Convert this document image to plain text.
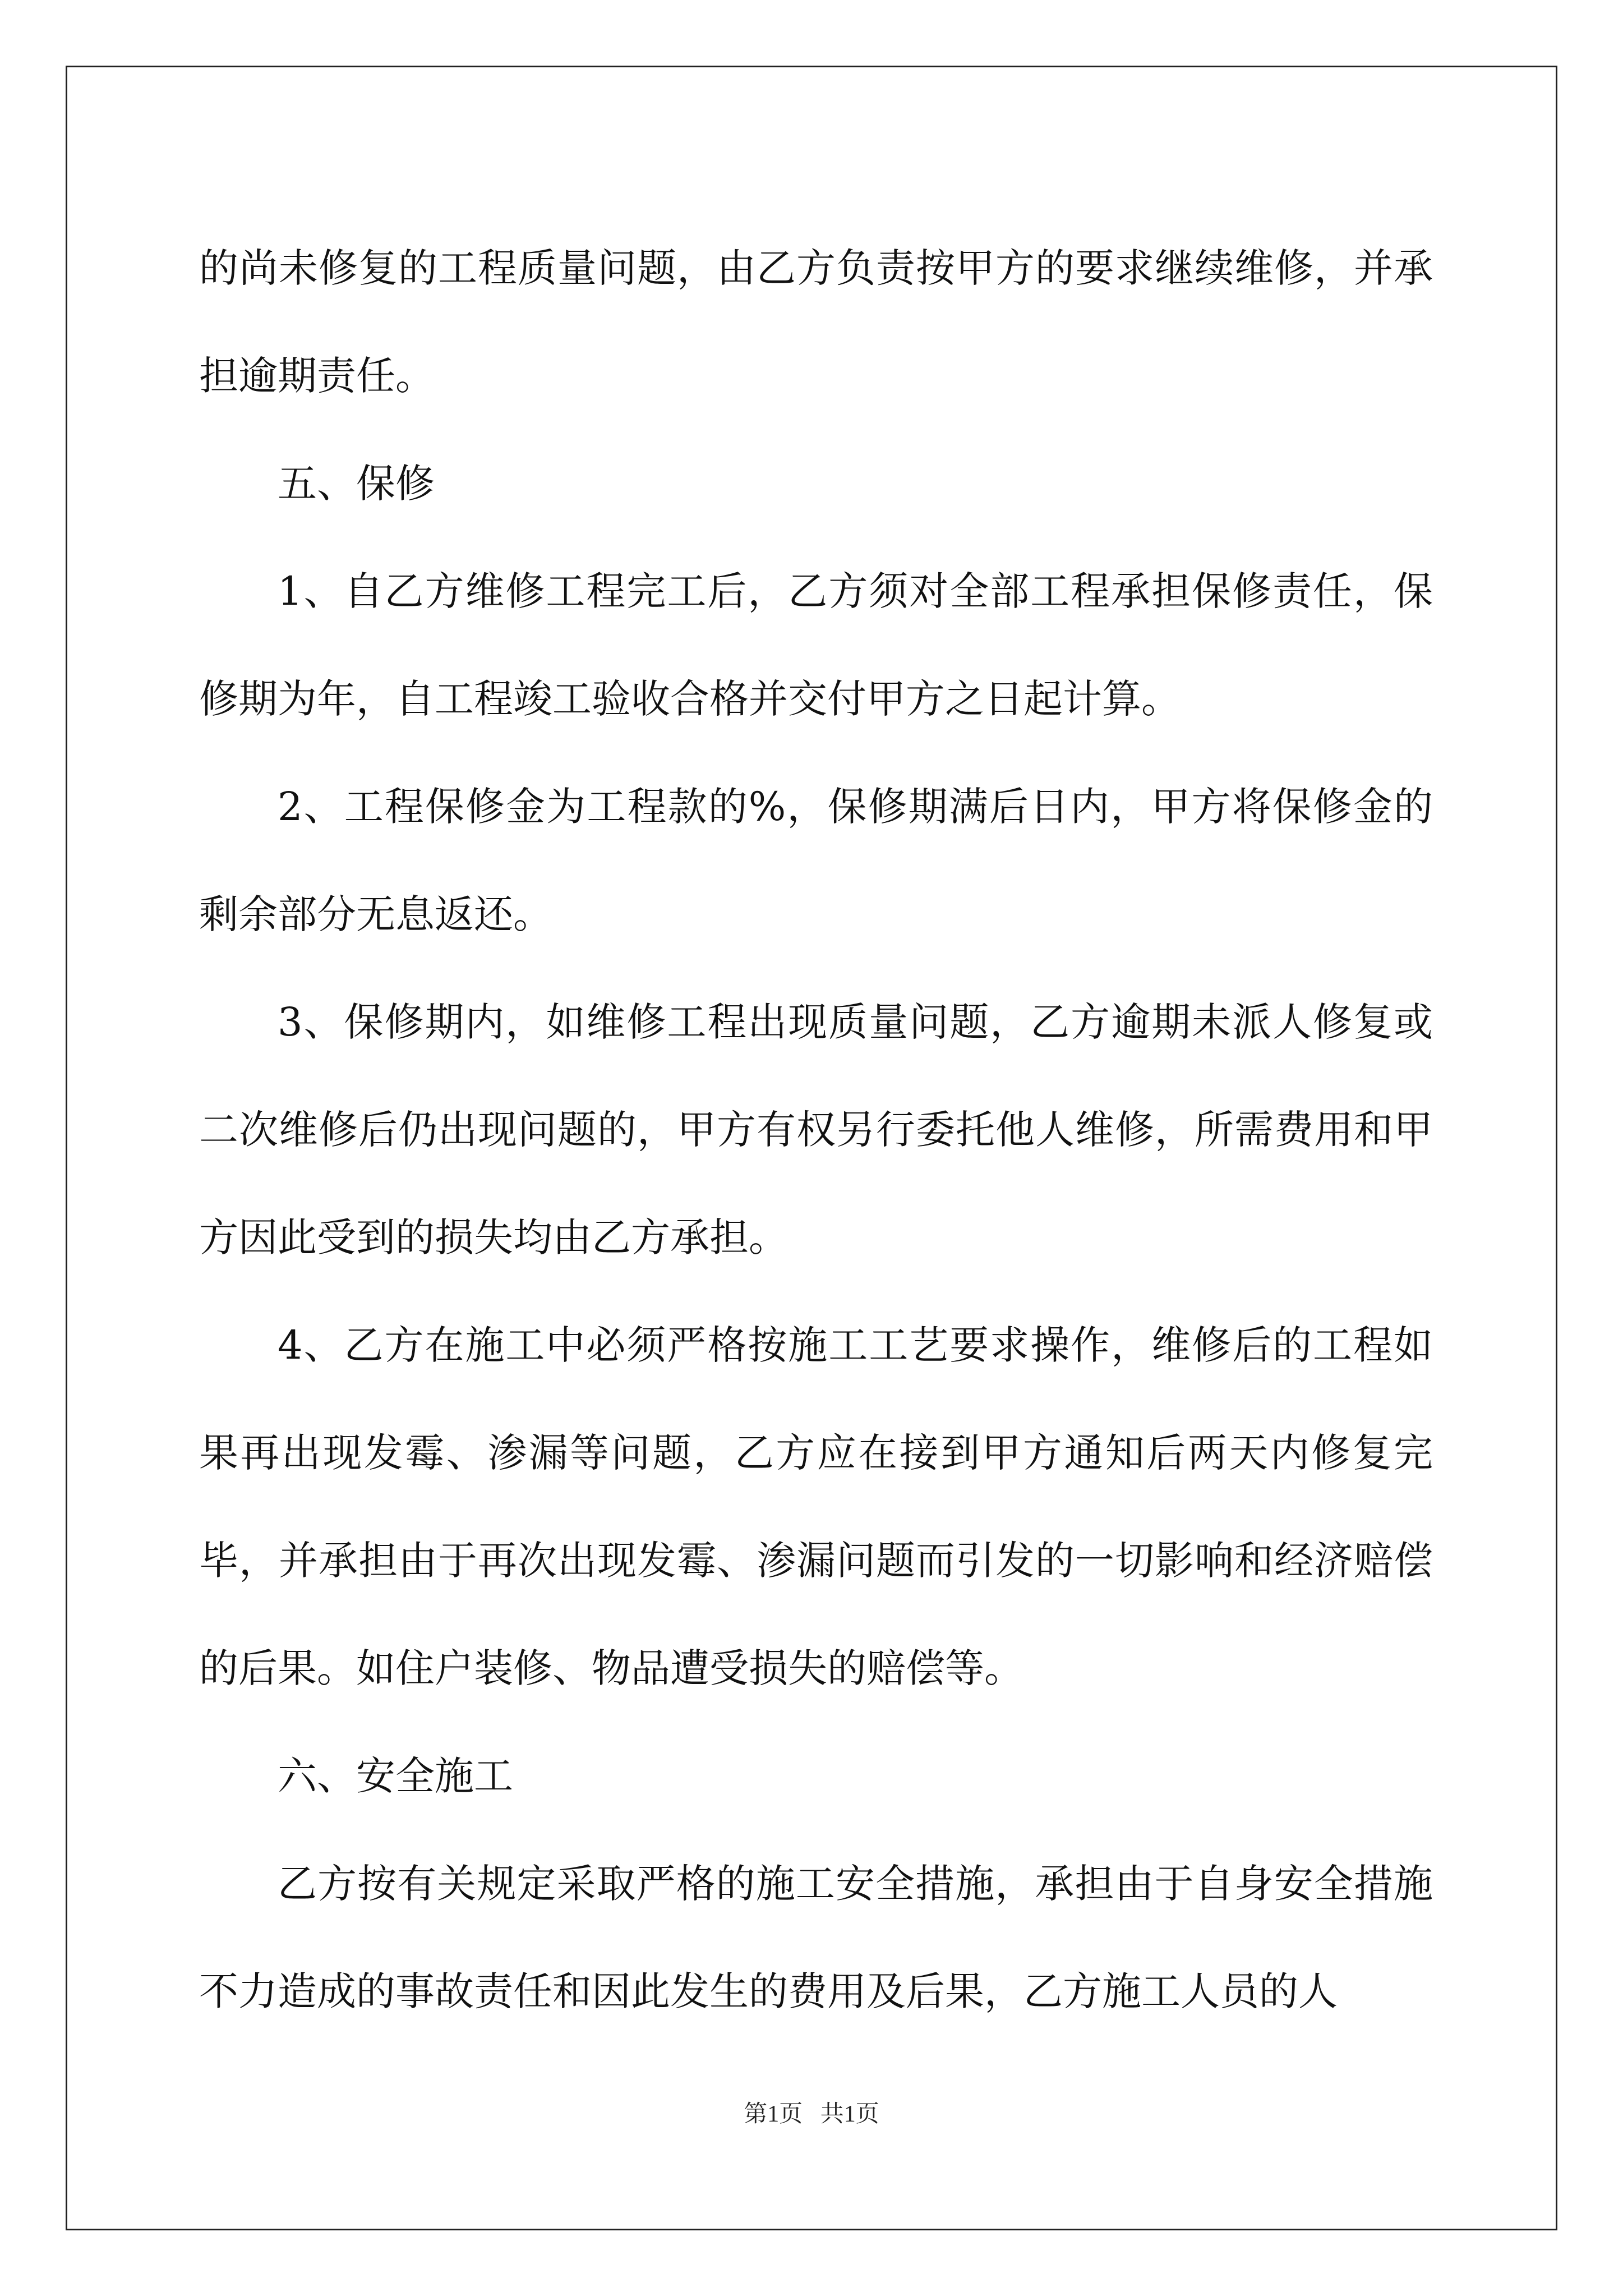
的尚未修复的工程质量问题，由乙方负责按甲方的要求继续维修，并承担逾期责任。

五、保修

1、自乙方维修工程完工后，乙方须对全部工程承担保修责任，保修期为年，自工程竣工验收合格并交付甲方之日起计算。

2、工程保修金为工程款的%，保修期满后日内，甲方将保修金的剩余部分无息返还。

3、保修期内，如维修工程出现质量问题，乙方逾期未派人修复或二次维修后仍出现问题的，甲方有权另行委托他人维修，所需费用和甲方因此受到的损失均由乙方承担。

4、乙方在施工中必须严格按施工工艺要求操作，维修后的工程如果再出现发霉、渗漏等问题，乙方应在接到甲方通知后两天内修复完毕，并承担由于再次出现发霉、渗漏问题而引发的一切影响和经济赔偿的后果。如住户装修、物品遭受损失的赔偿等。

六、安全施工

乙方按有关规定采取严格的施工安全措施，承担由于自身安全措施不力造成的事故责任和因此发生的费用及后果，乙方施工人员的人

第1页   共1页
